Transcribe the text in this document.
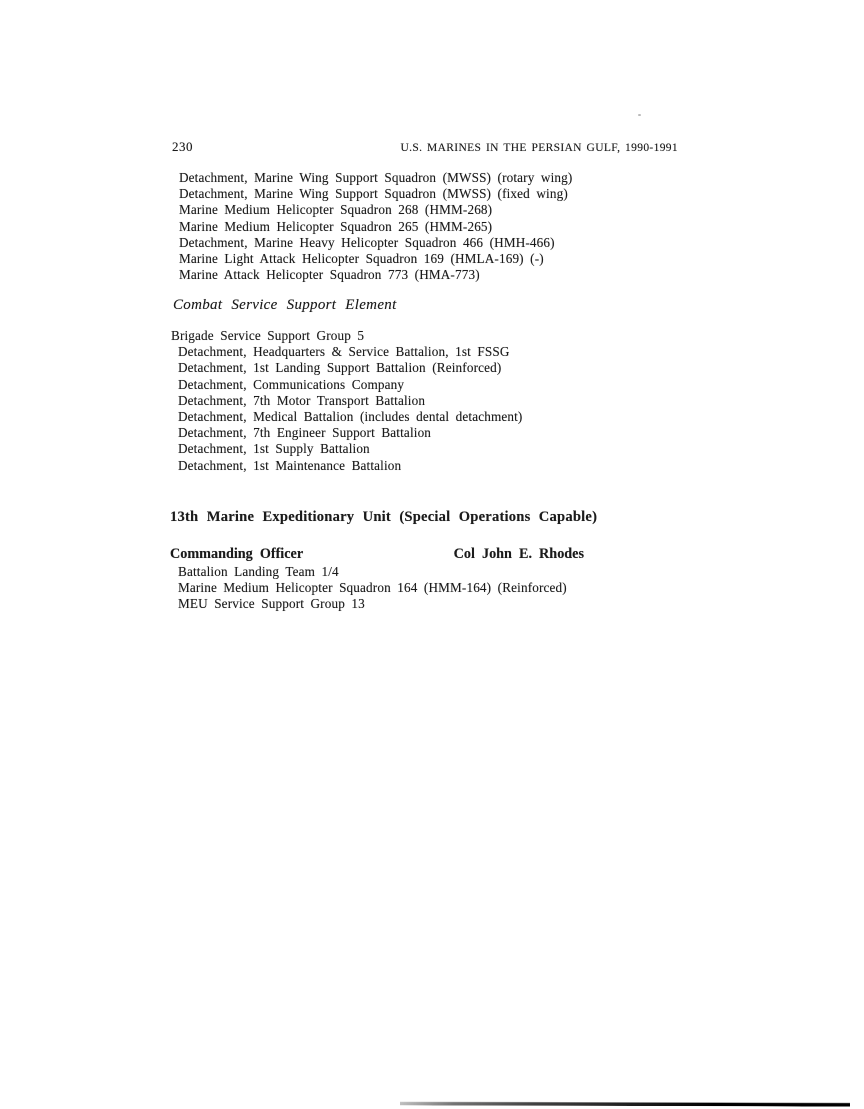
230	U.S. MARINES IN THE PERSIAN GULF, 1990-1991
Detachment, Marine Wing Support Squadron (MWSS) (rotary wing)
Detachment, Marine Wing Support Squadron (MWSS) (fixed wing)
Marine Medium Helicopter Squadron 268 (HMM-268)
Marine Medium Helicopter Squadron 265 (HMM-265)
Detachment, Marine Heavy Helicopter Squadron 466 (HMH-466)
Marine Light Attack Helicopter Squadron 169 (HMLA-169) (-)
Marine Attack Helicopter Squadron 773 (HMA-773)
Combat Service Support Element
Brigade Service Support Group 5
Detachment, Headquarters & Service Battalion, 1st FSSG
Detachment, 1st Landing Support Battalion (Reinforced)
Detachment, Communications Company
Detachment, 7th Motor Transport Battalion
Detachment, Medical Battalion (includes dental detachment)
Detachment, 7th Engineer Support Battalion
Detachment, 1st Supply Battalion
Detachment, 1st Maintenance Battalion
13th Marine Expeditionary Unit (Special Operations Capable)
Commanding Officer	Col John E. Rhodes
Battalion Landing Team 1/4
Marine Medium Helicopter Squadron 164 (HMM-164) (Reinforced)
MEU Service Support Group 13
